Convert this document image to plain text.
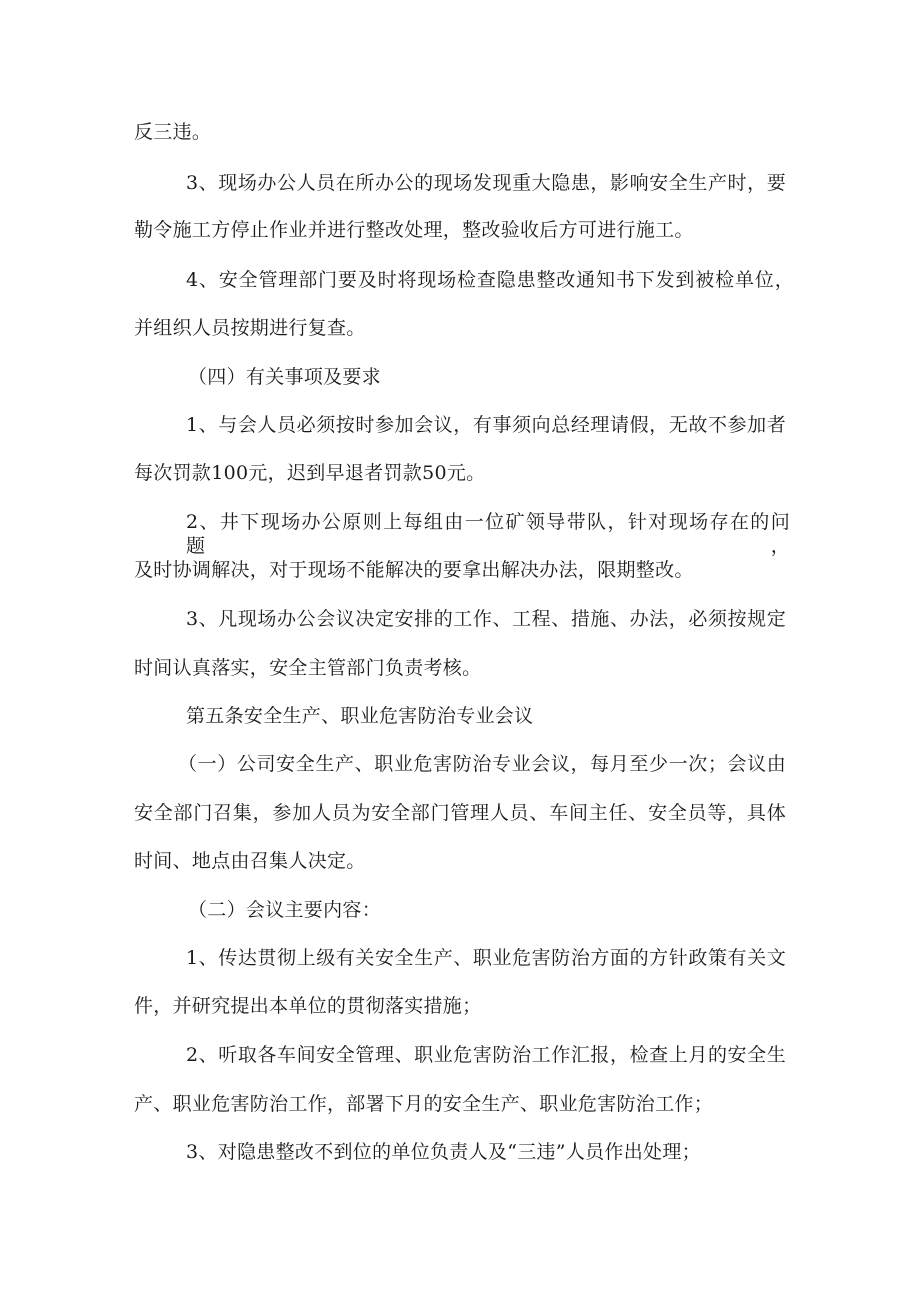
反三违。
3、现场办公人员在所办公的现场发现重大隐患，影响安全生产时，要
勒令施工方停止作业并进行整改处理，整改验收后方可进行施工。
4、安全管理部门要及时将现场检查隐患整改通知书下发到被检单位，
并组织人员按期进行复查。
（四）有关事项及要求
1、与会人员必须按时参加会议，有事须向总经理请假，无故不参加者
每次罚款100元，迟到早退者罚款50元。
2、井下现场办公原则上每组由一位矿领导带队，针对现场存在的问题，
及时协调解决，对于现场不能解决的要拿出解决办法，限期整改。
3、凡现场办公会议决定安排的工作、工程、措施、办法，必须按规定
时间认真落实，安全主管部门负责考核。
第五条安全生产、职业危害防治专业会议
（一）公司安全生产、职业危害防治专业会议，每月至少一次；会议由
安全部门召集，参加人员为安全部门管理人员、车间主任、安全员等，具体
时间、地点由召集人决定。
（二）会议主要内容：
1、传达贯彻上级有关安全生产、职业危害防治方面的方针政策有关文
件，并研究提出本单位的贯彻落实措施；
2、听取各车间安全管理、职业危害防治工作汇报，检查上月的安全生
产、职业危害防治工作，部署下月的安全生产、职业危害防治工作；
3、对隐患整改不到位的单位负责人及“三违”人员作出处理；
